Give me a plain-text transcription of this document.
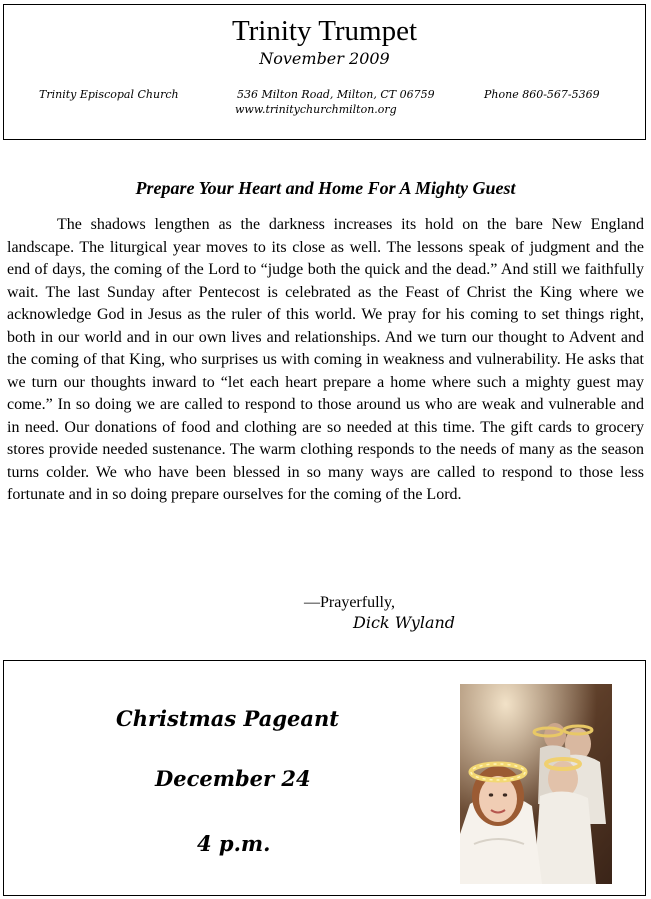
Trinity Trumpet
November 2009
Trinity Episcopal Church	536 Milton Road, Milton, CT 06759	Phone 860-567-5369
www.trinitychurchmilton.org
Prepare Your Heart and Home For A Mighty Guest

The shadows lengthen as the darkness increases its hold on the bare New England landscape. The liturgical year moves to its close as well. The lessons speak of judgment and the end of days, the coming of the Lord to “judge both the quick and the dead.” And still we faithfully wait. The last Sunday after Pentecost is celebrated as the Feast of Christ the King where we acknowledge God in Jesus as the ruler of this world. We pray for his coming to set things right, both in our world and in our own lives and relationships. And we turn our thought to Advent and the coming of that King, who surprises us with coming in weakness and vulnerability. He asks that we turn our thoughts inward to “let each heart prepare a home where such a mighty guest may come.” In so doing we are called to respond to those around us who are weak and vulnerable and in need. Our donations of food and clothing are so needed at this time. The gift cards to grocery stores provide needed sustenance. The warm clothing responds to the needs of many as the season turns colder. We who have been blessed in so many ways are called to respond to those less fortunate and in so doing prepare ourselves for the coming of the Lord.

—Prayerfully,
Dick Wyland
Christmas Pageant
December 24
4 p.m.
